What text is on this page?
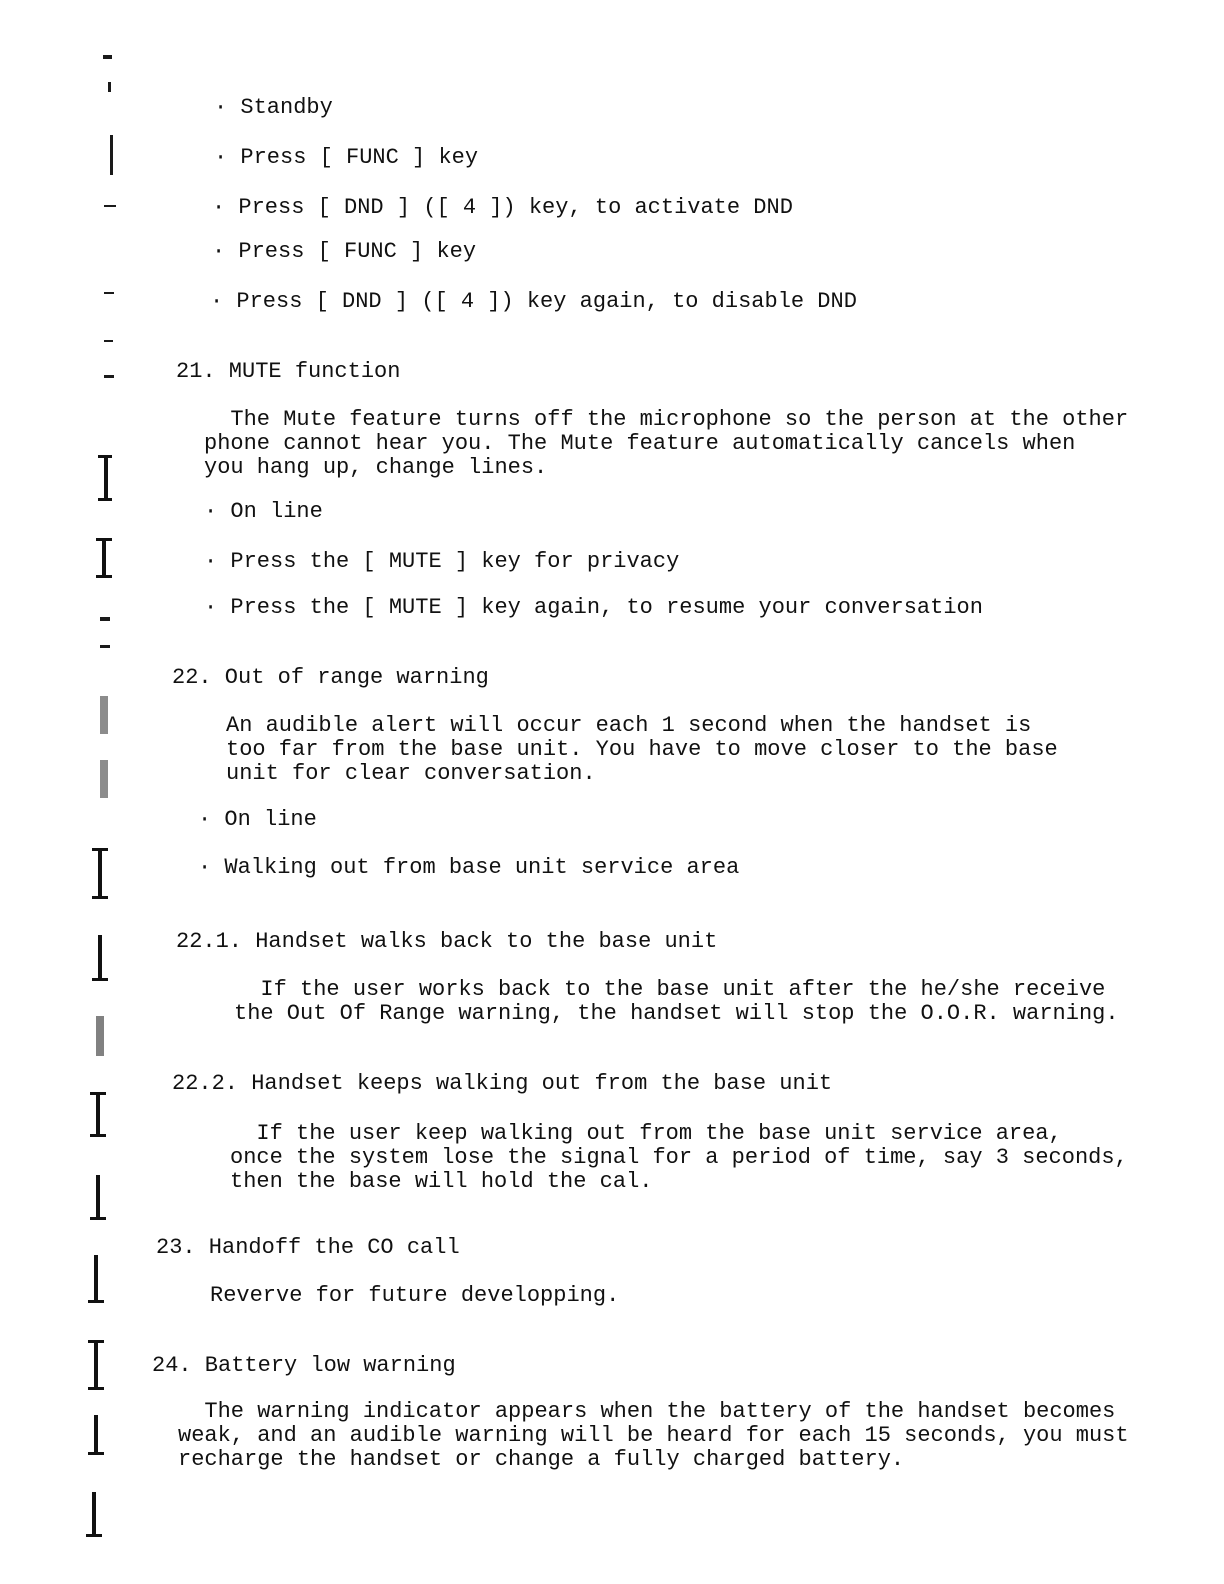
· Standby
· Press [ FUNC ] key
· Press [ DND ] ([ 4 ]) key, to activate DND
· Press [ FUNC ] key
· Press [ DND ] ([ 4 ]) key again, to disable DND
21. MUTE function
The Mute feature turns off the microphone so the person at the other
phone cannot hear you. The Mute feature automatically cancels when
you hang up, change lines.
· On line
· Press the [ MUTE ] key for privacy
· Press the [ MUTE ] key again, to resume your conversation
22. Out of range warning
An audible alert will occur each 1 second when the handset is
too far from the base unit. You have to move closer to the base
unit for clear conversation.
· On line
· Walking out from base unit service area
22.1. Handset walks back to the base unit
If the user works back to the base unit after the he/she receive
the Out Of Range warning, the handset will stop the O.O.R. warning.
22.2. Handset keeps walking out from the base unit
If the user keep walking out from the base unit service area,
once the system lose the signal for a period of time, say 3 seconds,
then the base will hold the cal.
23. Handoff the CO call
Reverve for future developping.
24. Battery low warning
The warning indicator appears when the battery of the handset becomes
weak, and an audible warning will be heard for each 15 seconds, you must
recharge the handset or change a fully charged battery.
